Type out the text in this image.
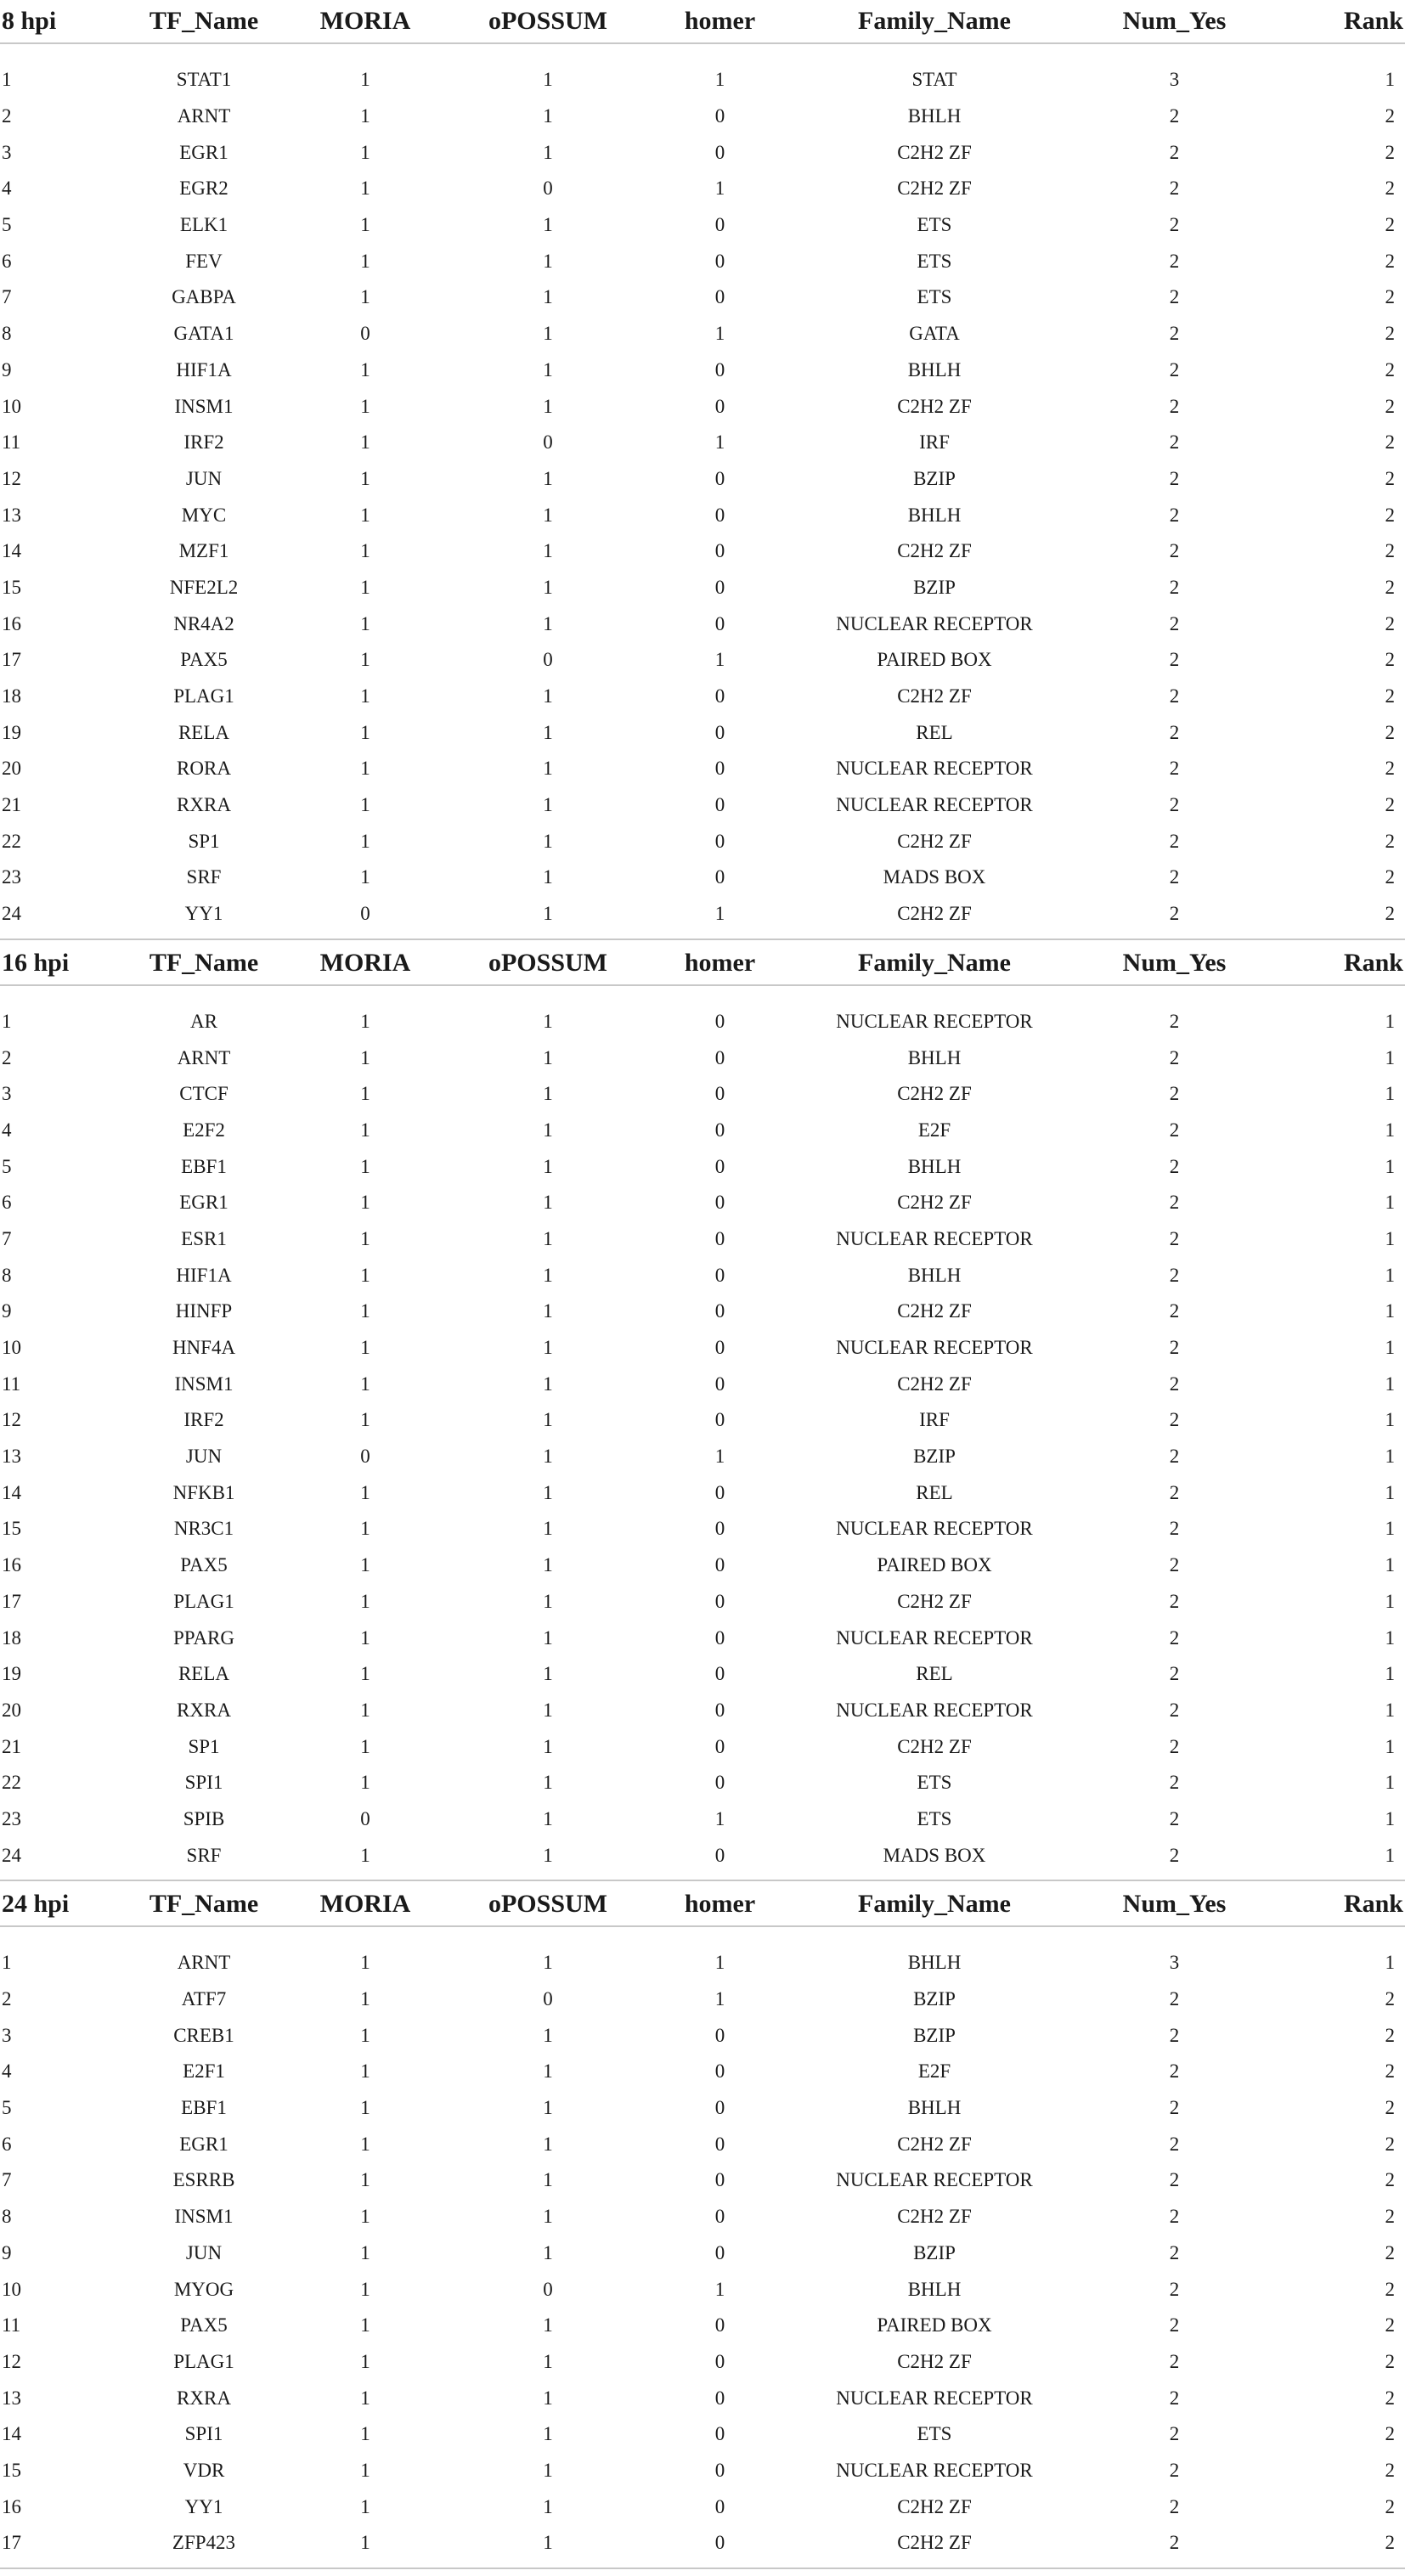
8 hpi	TF_Name	MORIA	oPOSSUM	homer	Family_Name	Num_Yes	Rank

1	STAT1	1	1	1	STAT	3	1
2	ARNT	1	1	0	BHLH	2	2
3	EGR1	1	1	0	C2H2 ZF	2	2
4	EGR2	1	0	1	C2H2 ZF	2	2
5	ELK1	1	1	0	ETS	2	2
6	FEV	1	1	0	ETS	2	2
7	GABPA	1	1	0	ETS	2	2
8	GATA1	0	1	1	GATA	2	2
9	HIF1A	1	1	0	BHLH	2	2
10	INSM1	1	1	0	C2H2 ZF	2	2
11	IRF2	1	0	1	IRF	2	2
12	JUN	1	1	0	BZIP	2	2
13	MYC	1	1	0	BHLH	2	2
14	MZF1	1	1	0	C2H2 ZF	2	2
15	NFE2L2	1	1	0	BZIP	2	2
16	NR4A2	1	1	0	NUCLEAR RECEPTOR	2	2
17	PAX5	1	0	1	PAIRED BOX	2	2
18	PLAG1	1	1	0	C2H2 ZF	2	2
19	RELA	1	1	0	REL	2	2
20	RORA	1	1	0	NUCLEAR RECEPTOR	2	2
21	RXRA	1	1	0	NUCLEAR RECEPTOR	2	2
22	SP1	1	1	0	C2H2 ZF	2	2
23	SRF	1	1	0	MADS BOX	2	2
24	YY1	0	1	1	C2H2 ZF	2	2

16 hpi	TF_Name	MORIA	oPOSSUM	homer	Family_Name	Num_Yes	Rank

1	AR	1	1	0	NUCLEAR RECEPTOR	2	1
2	ARNT	1	1	0	BHLH	2	1
3	CTCF	1	1	0	C2H2 ZF	2	1
4	E2F2	1	1	0	E2F	2	1
5	EBF1	1	1	0	BHLH	2	1
6	EGR1	1	1	0	C2H2 ZF	2	1
7	ESR1	1	1	0	NUCLEAR RECEPTOR	2	1
8	HIF1A	1	1	0	BHLH	2	1
9	HINFP	1	1	0	C2H2 ZF	2	1
10	HNF4A	1	1	0	NUCLEAR RECEPTOR	2	1
11	INSM1	1	1	0	C2H2 ZF	2	1
12	IRF2	1	1	0	IRF	2	1
13	JUN	0	1	1	BZIP	2	1
14	NFKB1	1	1	0	REL	2	1
15	NR3C1	1	1	0	NUCLEAR RECEPTOR	2	1
16	PAX5	1	1	0	PAIRED BOX	2	1
17	PLAG1	1	1	0	C2H2 ZF	2	1
18	PPARG	1	1	0	NUCLEAR RECEPTOR	2	1
19	RELA	1	1	0	REL	2	1
20	RXRA	1	1	0	NUCLEAR RECEPTOR	2	1
21	SP1	1	1	0	C2H2 ZF	2	1
22	SPI1	1	1	0	ETS	2	1
23	SPIB	0	1	1	ETS	2	1
24	SRF	1	1	0	MADS BOX	2	1

24 hpi	TF_Name	MORIA	oPOSSUM	homer	Family_Name	Num_Yes	Rank

1	ARNT	1	1	1	BHLH	3	1
2	ATF7	1	0	1	BZIP	2	2
3	CREB1	1	1	0	BZIP	2	2
4	E2F1	1	1	0	E2F	2	2
5	EBF1	1	1	0	BHLH	2	2
6	EGR1	1	1	0	C2H2 ZF	2	2
7	ESRRB	1	1	0	NUCLEAR RECEPTOR	2	2
8	INSM1	1	1	0	C2H2 ZF	2	2
9	JUN	1	1	0	BZIP	2	2
10	MYOG	1	0	1	BHLH	2	2
11	PAX5	1	1	0	PAIRED BOX	2	2
12	PLAG1	1	1	0	C2H2 ZF	2	2
13	RXRA	1	1	0	NUCLEAR RECEPTOR	2	2
14	SPI1	1	1	0	ETS	2	2
15	VDR	1	1	0	NUCLEAR RECEPTOR	2	2
16	YY1	1	1	0	C2H2 ZF	2	2
17	ZFP423	1	1	0	C2H2 ZF	2	2
